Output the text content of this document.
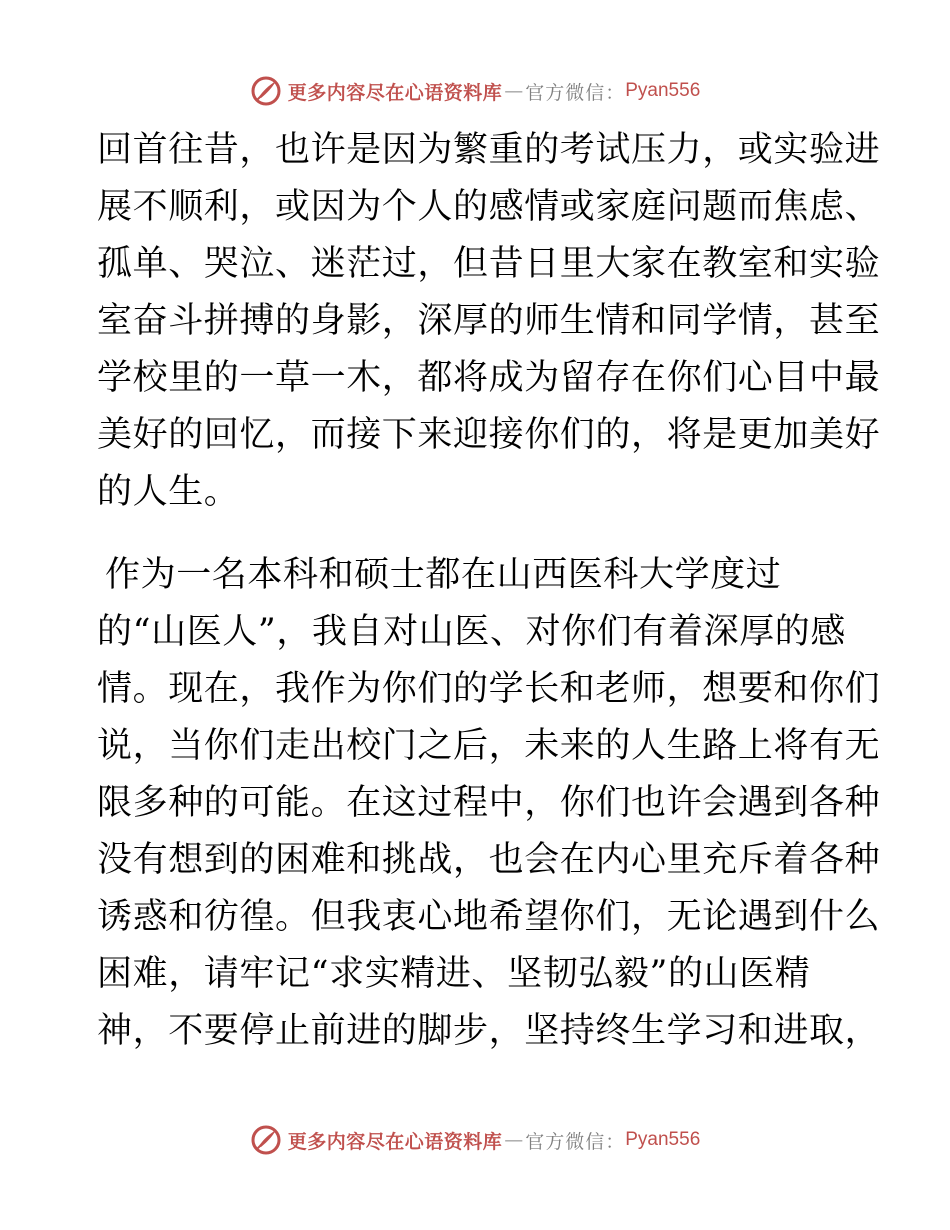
更多内容尽在心语资料库 — 官方微信： Pyan556
回首往昔，也许是因为繁重的考试压力，或实验进
展不顺利，或因为个人的感情或家庭问题而焦虑、
孤单、哭泣、迷茫过，但昔日里大家在教室和实验
室奋斗拼搏的身影，深厚的师生情和同学情，甚至
学校里的一草一木，都将成为留存在你们心目中最
美好的回忆，而接下来迎接你们的，将是更加美好
的人生。
作为一名本科和硕士都在山西医科大学度过
的“山医人”，我自对山医、对你们有着深厚的感
情。现在，我作为你们的学长和老师，想要和你们
说，当你们走出校门之后，未来的人生路上将有无
限多种的可能。在这过程中，你们也许会遇到各种
没有想到的困难和挑战，也会在内心里充斥着各种
诱惑和彷徨。但我衷心地希望你们，无论遇到什么
困难，请牢记“求实精进、坚韧弘毅”的山医精
神，不要停止前进的脚步，坚持终生学习和进取，
更多内容尽在心语资料库 — 官方微信： Pyan556
